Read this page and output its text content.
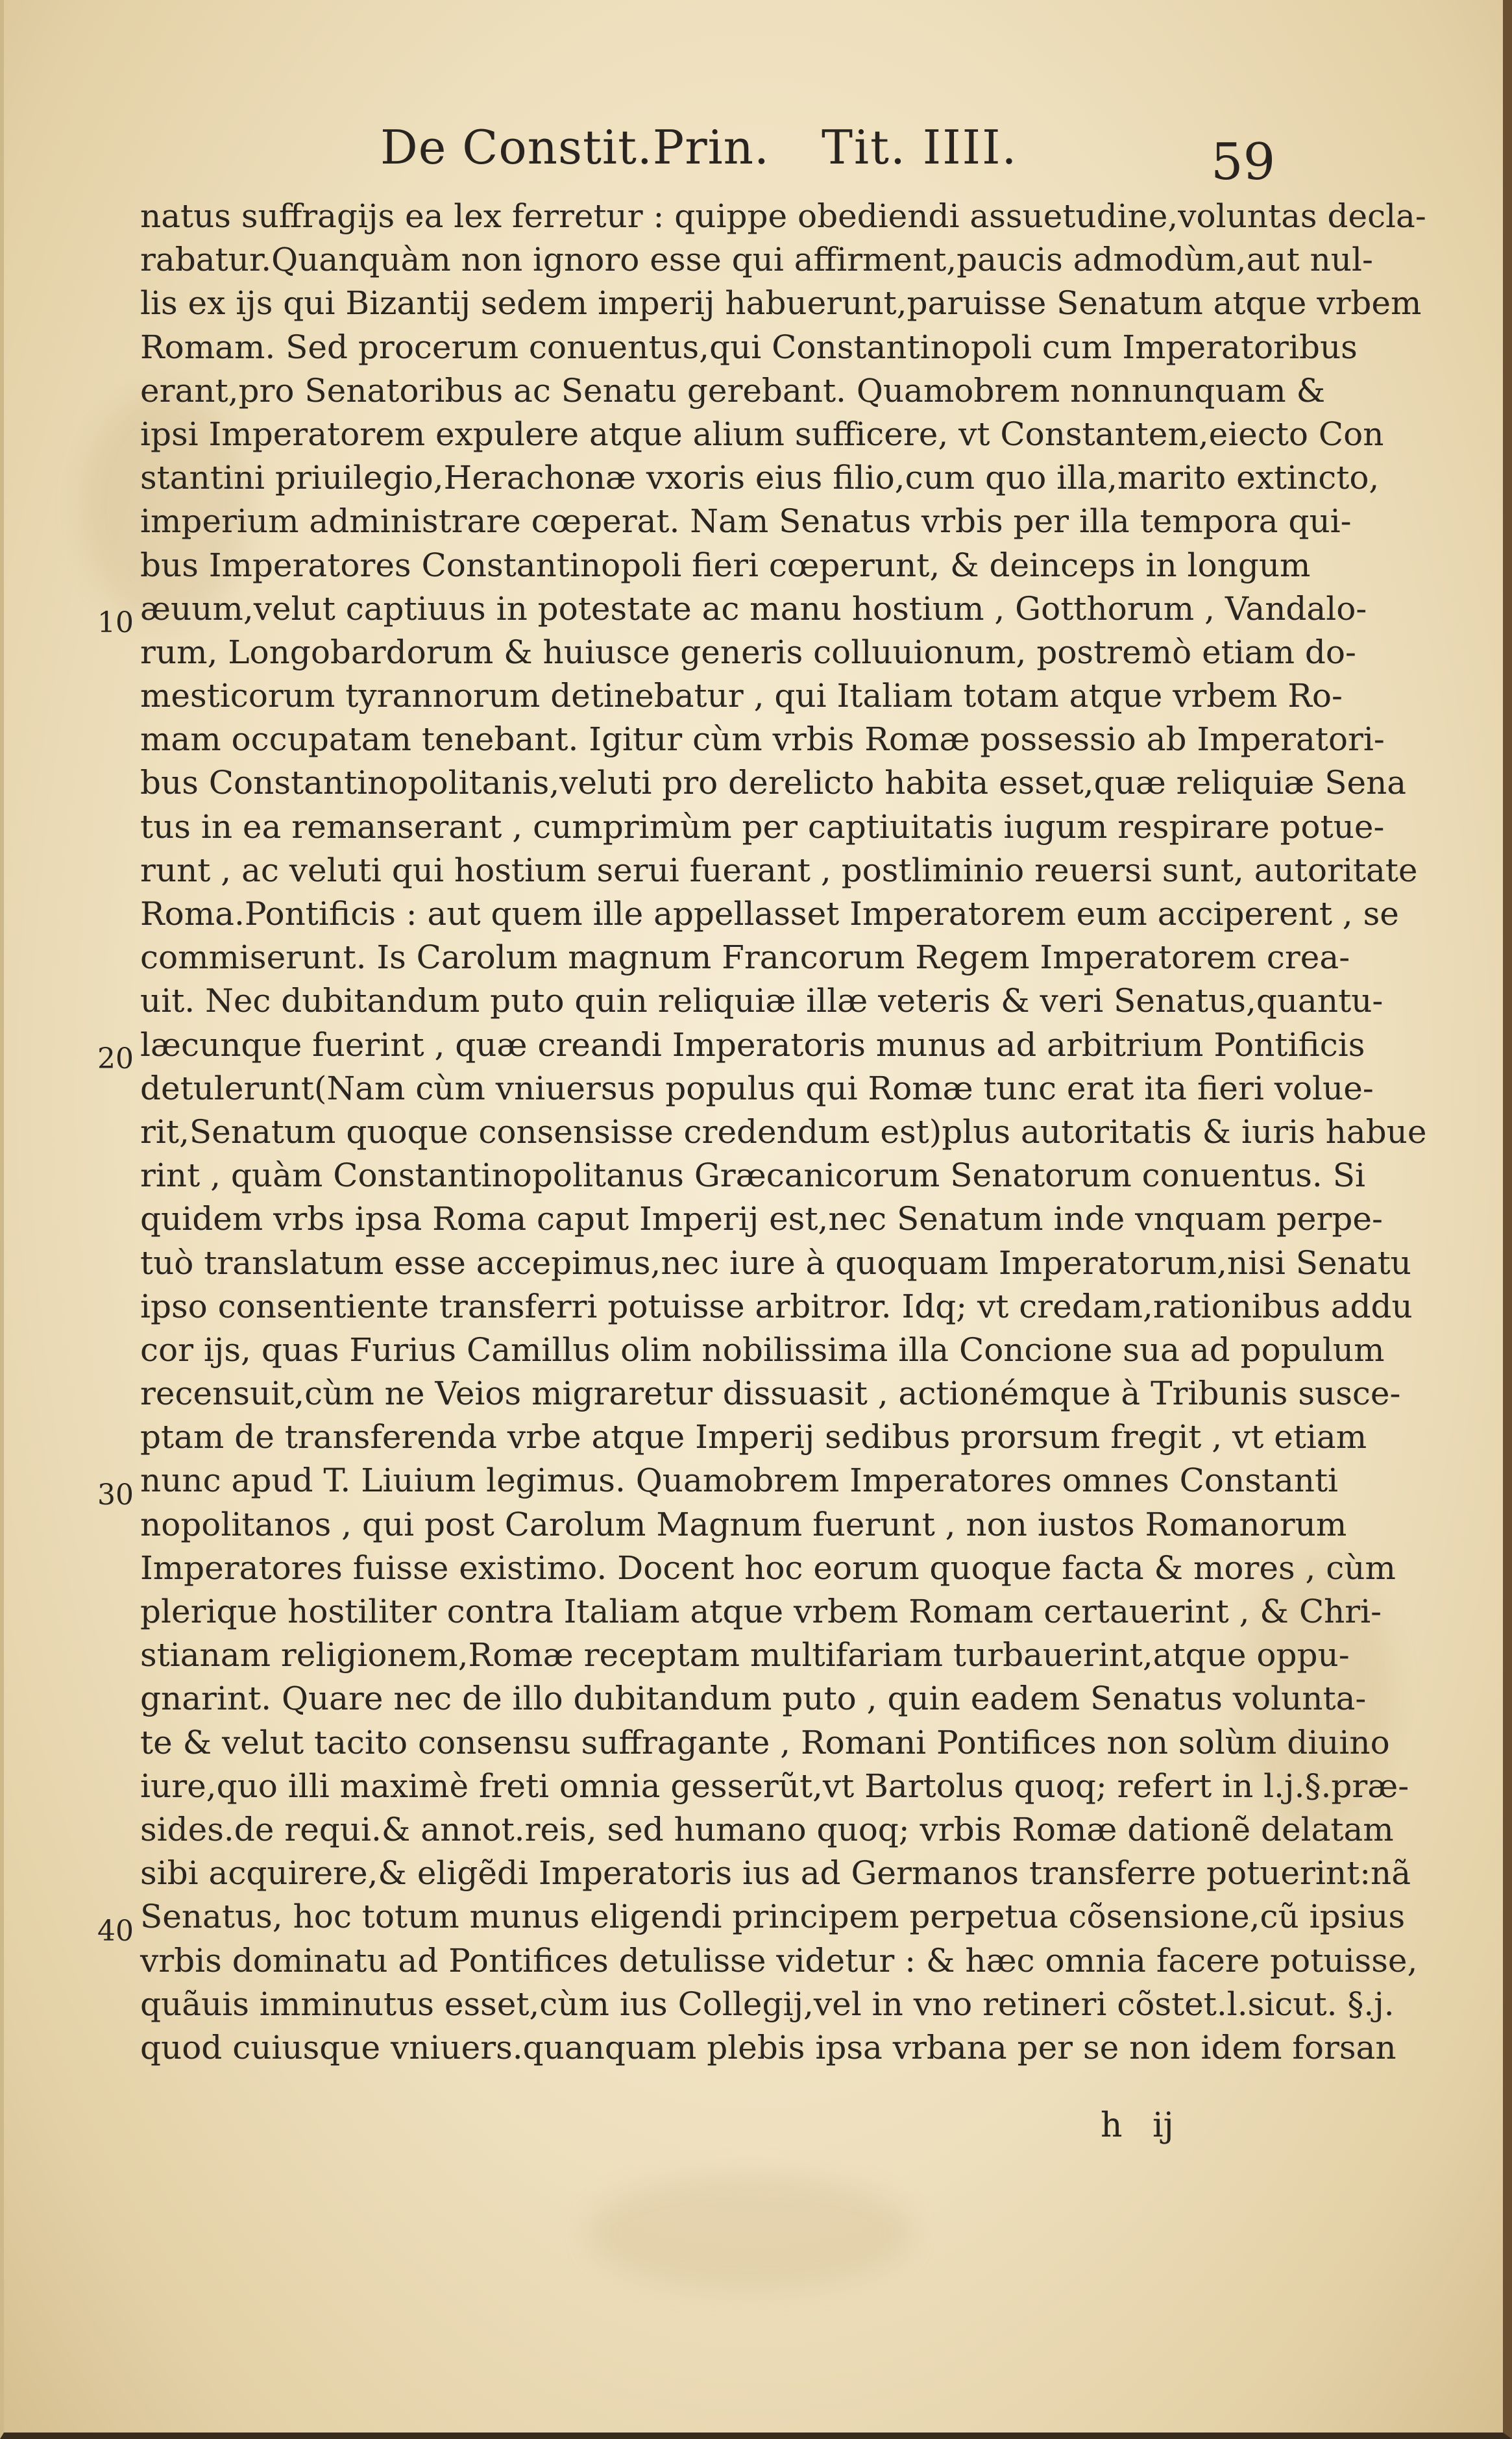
De Constit.Prin. Tit. IIII.	59
10
20
30
40
natus suffragijs ea lex ferretur : quippe obediendi assuetudine,voluntas decla-
rabatur.Quanquàm non ignoro esse qui affirment,paucis admodùm,aut nul-
lis ex ijs qui Bizantij sedem imperij habuerunt,paruisse Senatum atque vrbem
Romam. Sed procerum conuentus,qui Constantinopoli cum Imperatoribus
erant,pro Senatoribus ac Senatu gerebant. Quamobrem nonnunquam &
ipsi Imperatorem expulere atque alium sufficere, vt Constantem,eiecto Con
stantini priuilegio,Herachonæ vxoris eius filio,cum quo illa,marito extincto,
imperium administrare cœperat. Nam Senatus vrbis per illa tempora qui-
bus Imperatores Constantinopoli fieri cœperunt, & deinceps in longum
æuum,velut captiuus in potestate ac manu hostium , Gotthorum , Vandalo-
rum, Longobardorum & huiusce generis colluuionum, postremò etiam do-
mesticorum tyrannorum detinebatur , qui Italiam totam atque vrbem Ro-
mam occupatam tenebant. Igitur cùm vrbis Romæ possessio ab Imperatori-
bus Constantinopolitanis,veluti pro derelicto habita esset,quæ reliquiæ Sena
tus in ea remanserant , cumprimùm per captiuitatis iugum respirare potue-
runt , ac veluti qui hostium serui fuerant , postliminio reuersi sunt, autoritate
Roma.Pontificis : aut quem ille appellasset Imperatorem eum acciperent , se
commiserunt. Is Carolum magnum Francorum Regem Imperatorem crea-
uit. Nec dubitandum puto quin reliquiæ illæ veteris & veri Senatus,quantu-
læcunque fuerint , quæ creandi Imperatoris munus ad arbitrium Pontificis
detulerunt(Nam cùm vniuersus populus qui Romæ tunc erat ita fieri volue-
rit,Senatum quoque consensisse credendum est)plus autoritatis & iuris habue
rint , quàm Constantinopolitanus Græcanicorum Senatorum conuentus. Si
quidem vrbs ipsa Roma caput Imperij est,nec Senatum inde vnquam perpe-
tuò translatum esse accepimus,nec iure à quoquam Imperatorum,nisi Senatu
ipso consentiente transferri potuisse arbitror. Idq; vt credam,rationibus addu
cor ijs, quas Furius Camillus olim nobilissima illa Concione sua ad populum
recensuit,cùm ne Veios migraretur dissuasit , actionémque à Tribunis susce-
ptam de transferenda vrbe atque Imperij sedibus prorsum fregit , vt etiam
nunc apud T. Liuium legimus. Quamobrem Imperatores omnes Constanti
nopolitanos , qui post Carolum Magnum fuerunt , non iustos Romanorum
Imperatores fuisse existimo. Docent hoc eorum quoque facta & mores , cùm
plerique hostiliter contra Italiam atque vrbem Romam certauerint , & Chri-
stianam religionem,Romæ receptam multifariam turbauerint,atque oppu-
gnarint. Quare nec de illo dubitandum puto , quin eadem Senatus volunta-
te & velut tacito consensu suffragante , Romani Pontifices non solùm diuino
iure,quo illi maximè freti omnia gesserũt,vt Bartolus quoq; refert in l.j.§.præ-
sides.de requi.& annot.reis, sed humano quoq; vrbis Romæ dationẽ delatam
sibi acquirere,& eligẽdi Imperatoris ius ad Germanos transferre potuerint:nã
Senatus, hoc totum munus eligendi principem perpetua cõsensione,cũ ipsius
vrbis dominatu ad Pontifices detulisse videtur : & hæc omnia facere potuisse,
quãuis imminutus esset,cùm ius Collegij,vel in vno retineri cõstet.l.sicut. §.j.
quod cuiusque vniuers.quanquam plebis ipsa vrbana per se non idem forsan
h ij
